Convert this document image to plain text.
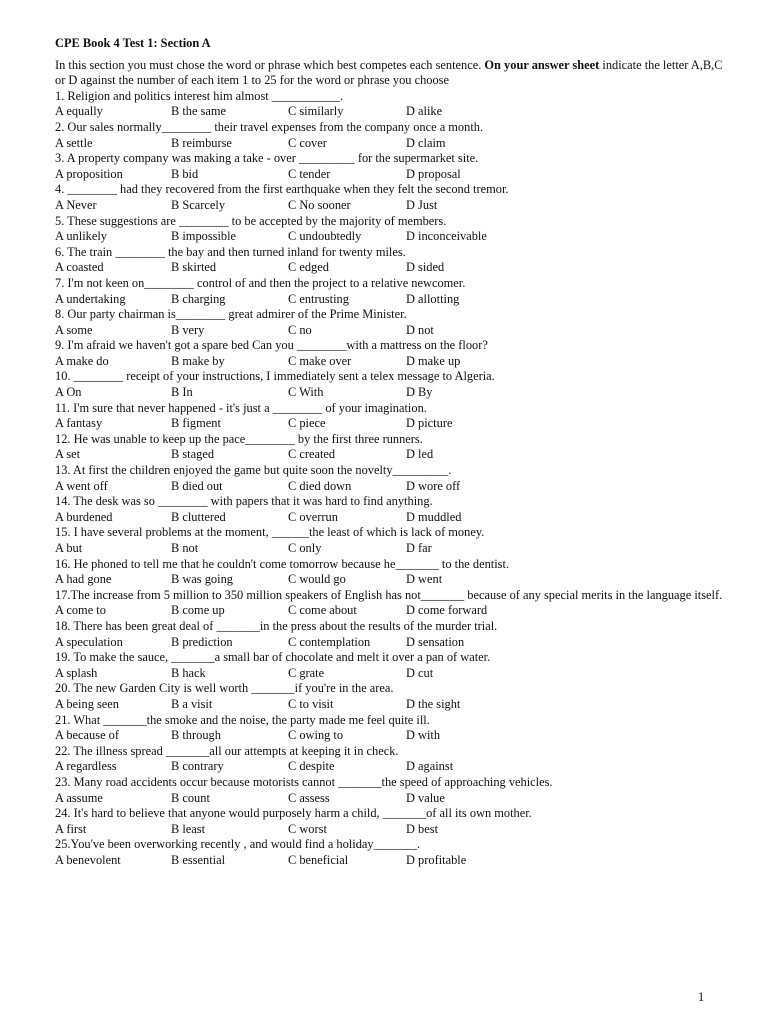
CPE Book 4 Test 1: Section A

In this section you must chose the word or phrase which best competes each sentence. On your answer sheet indicate the letter A,B,C or D against the number of each item 1 to 25 for the word or phrase you choose

1. Religion and politics interest him almost ___________.
A equally	B the same	C similarly	D alike
2. Our sales normally________ their travel expenses from the company once a month.
A settle	B reimburse	C cover	D claim
3. A property company was making a take - over _________ for the supermarket site.
A proposition	B bid	C tender	D proposal
4. ________ had they recovered from the first earthquake when they felt the second tremor.
A Never	B Scarcely	C No sooner	D Just
5. These suggestions are ________ to be accepted by the majority of members.
A unlikely	B impossible	C undoubtedly	D inconceivable
6. The train ________ the bay and then turned inland for twenty miles.
A coasted	B skirted	C edged	D sided
7. I'm not keen on________ control of and then the project to a relative newcomer.
A undertaking	B charging	C entrusting	D allotting
8. Our party chairman is________ great admirer of the Prime Minister.
A some	B very	C no	D not
9. I'm afraid we haven't got a spare bed Can you ________with a mattress on the floor?
A make do	B make by	C make over	D make up
10. ________ receipt of your instructions, I immediately sent a telex message to Algeria.
A On	B In	C With	D By
11. I'm sure that never happened - it's just a ________ of your imagination.
A fantasy	B figment	C piece	D picture
12. He was unable to keep up the pace________ by the first three runners.
A set	B staged	C created	D led
13. At first the children enjoyed the game but quite soon the novelty_________.
A went off	B died out	C died down	D wore off
14. The desk was so ________ with papers that it was hard to find anything.
A burdened	B cluttered	C overrun	D muddled
15. I have several problems at the moment, ______the least of which is lack of money.
A but	B not	C only	D far
16. He phoned to tell me that he couldn't come tomorrow because he_______ to the dentist.
A had gone	B was going	C would go	D went
17.The increase from 5 million to 350 million speakers of English has not_______ because of any special merits in the language itself.
A come to	B come up	C come about	D come forward
18. There has been great deal of _______in the press about the results of the murder trial.
A speculation	B prediction	C contemplation	D sensation
19. To make the sauce, _______a small bar of chocolate and melt it over a pan of water.
A splash	B hack	C grate	D cut
20. The new Garden City is well worth _______if you're in the area.
A being seen	B a visit	C to visit	D the sight
21. What _______the smoke and the noise, the party made me feel quite ill.
A because of	B through	C owing to	D with
22. The illness spread _______all our attempts at keeping it in check.
A regardless	B contrary	C despite	D against
23. Many road accidents occur because motorists cannot _______the speed of approaching vehicles.
A assume	B count	C assess	D value
24. It's hard to believe that anyone would purposely harm a child, _______of all its own mother.
A first	B least	C worst	D best
25.You've been overworking recently , and would find a holiday_______.
A benevolent	B essential	C beneficial	D profitable
1
